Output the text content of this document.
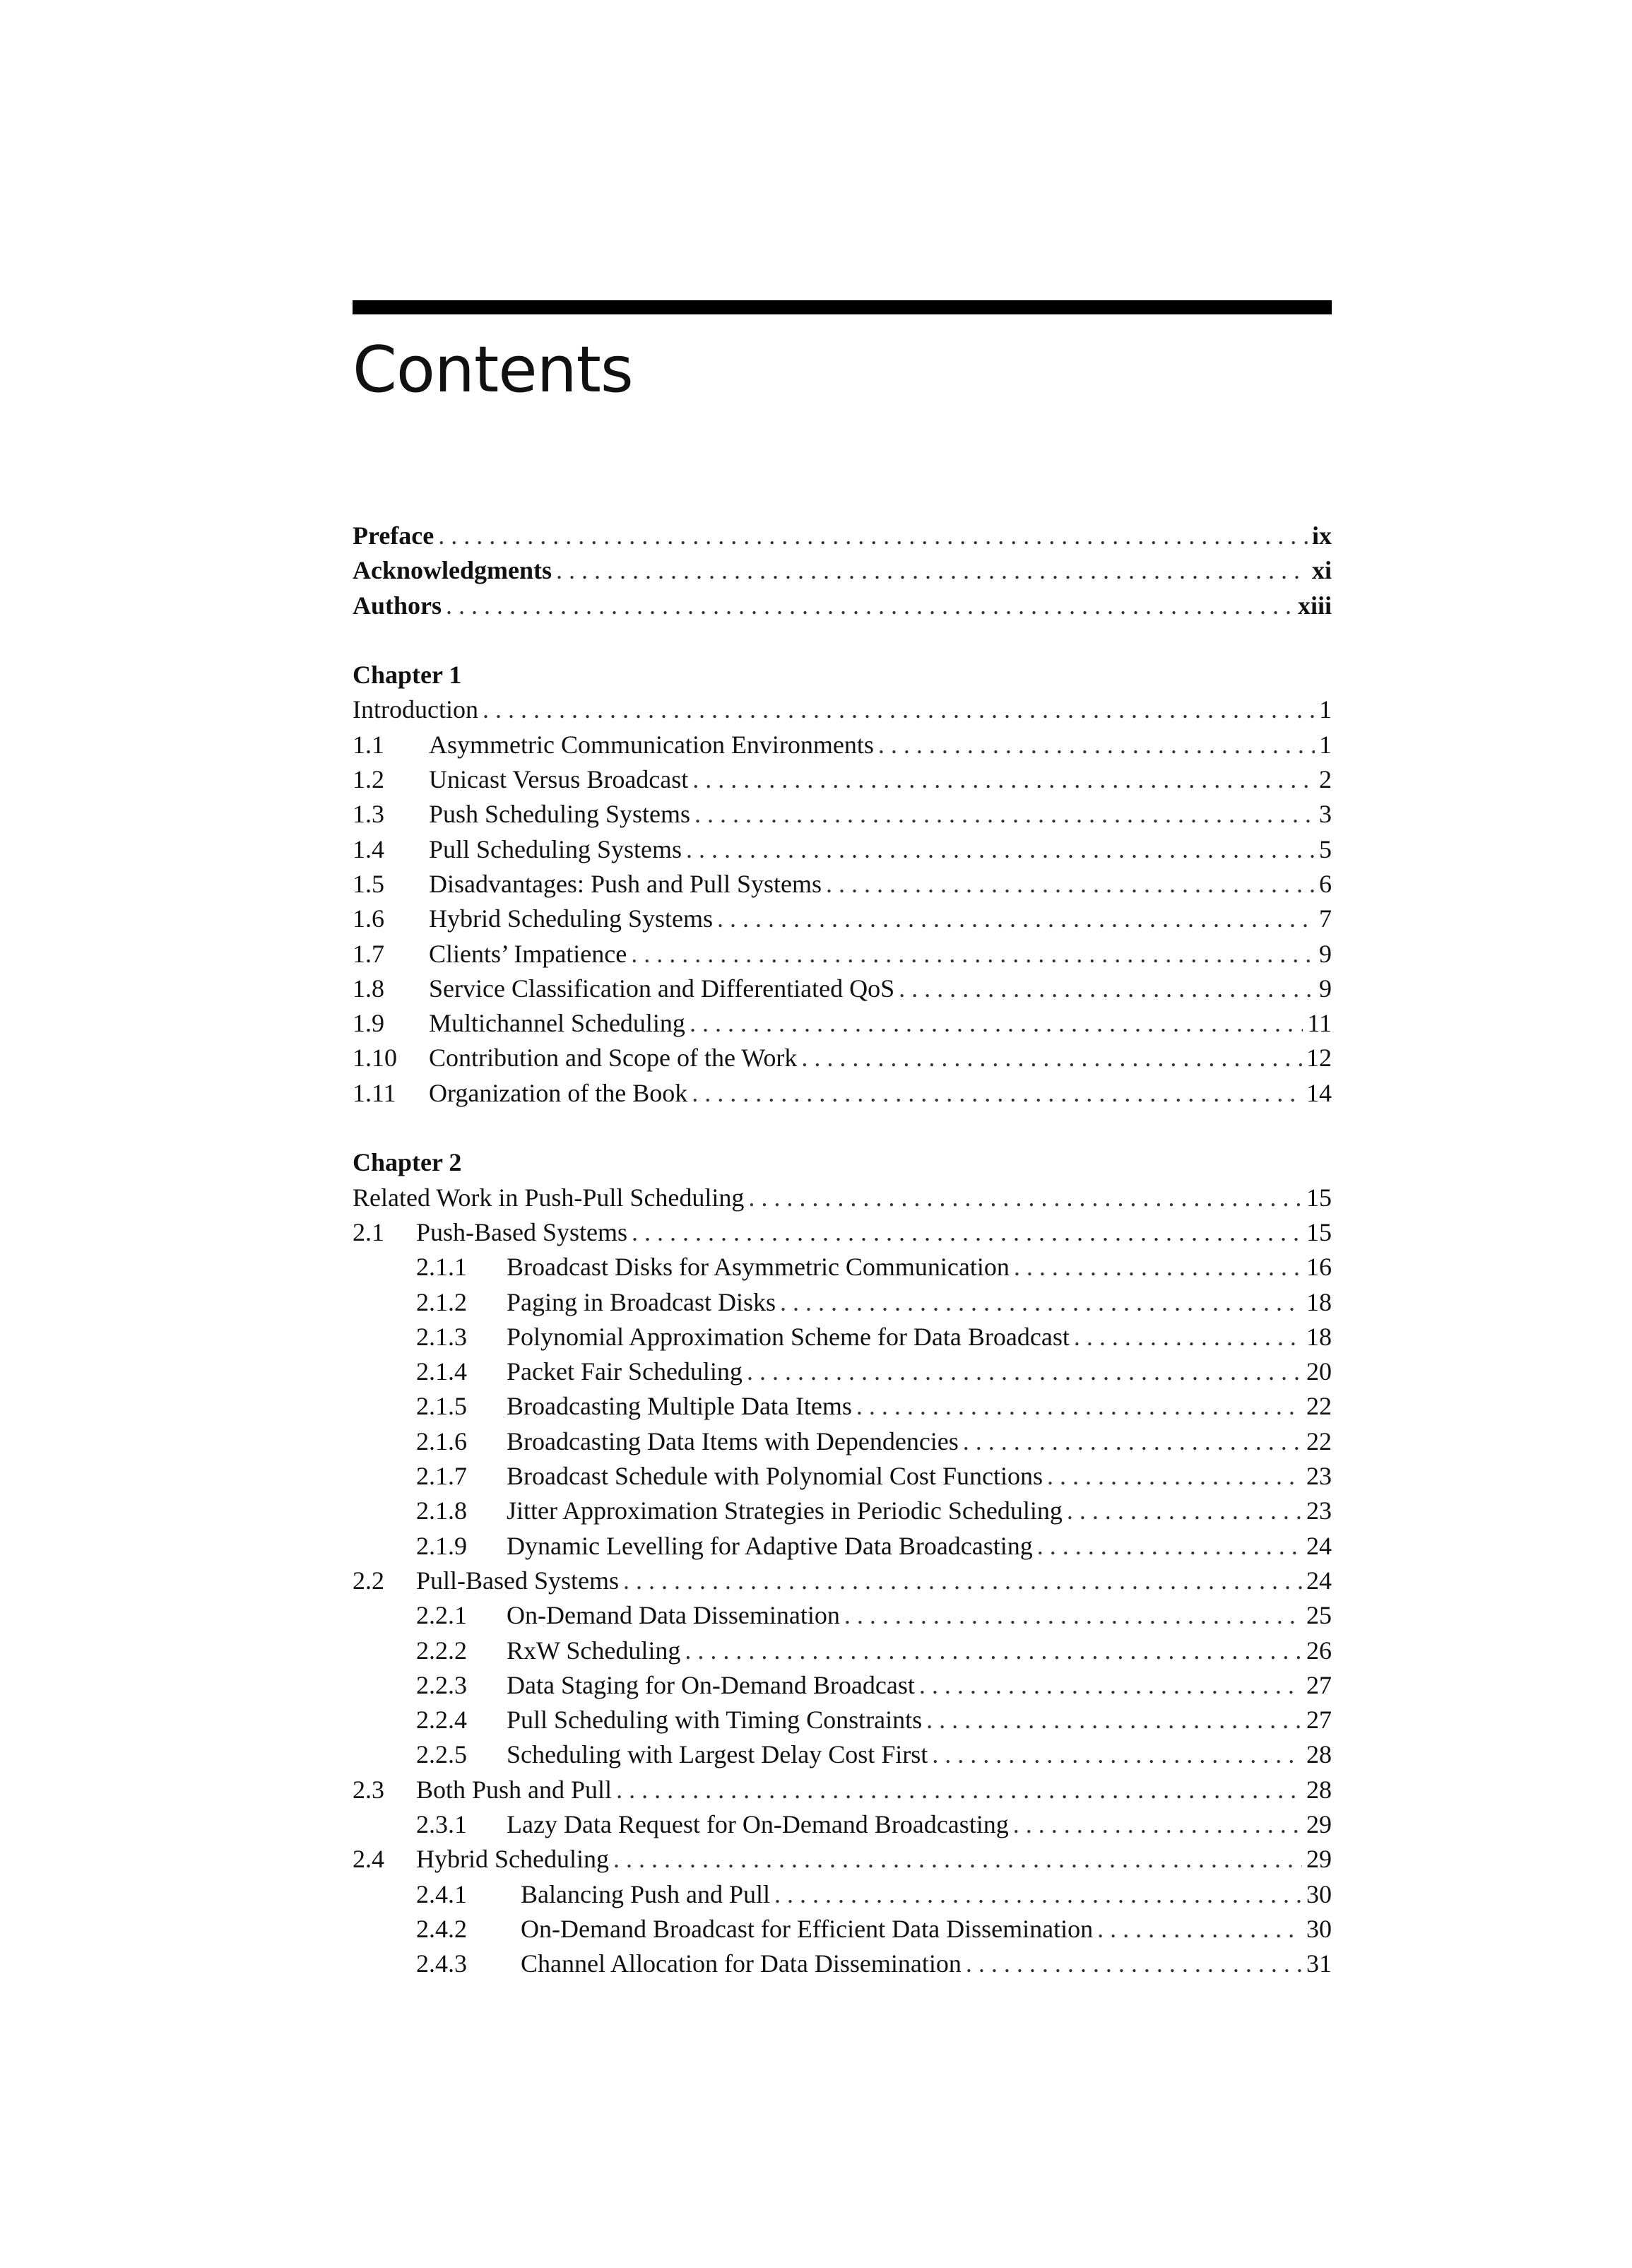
Contents
Preface . . .	ix
Acknowledgments . . .	xi
Authors . . .	xiii
Chapter 1
Introduction . . .	1
1.1	Asymmetric Communication Environments . . .	1
1.2	Unicast Versus Broadcast . . .	2
1.3	Push Scheduling Systems . . .	3
1.4	Pull Scheduling Systems . . .	5
1.5	Disadvantages: Push and Pull Systems . . .	6
1.6	Hybrid Scheduling Systems . . .	7
1.7	Clients’ Impatience . . .	9
1.8	Service Classification and Differentiated QoS . . .	9
1.9	Multichannel Scheduling . . .	11
1.10	Contribution and Scope of the Work . . .	12
1.11	Organization of the Book . . .	14
Chapter 2
Related Work in Push-Pull Scheduling . . .	15
2.1	Push-Based Systems . . .	15
2.1.1	Broadcast Disks for Asymmetric Communication . . .	16
2.1.2	Paging in Broadcast Disks . . .	18
2.1.3	Polynomial Approximation Scheme for Data Broadcast . . .	18
2.1.4	Packet Fair Scheduling . . .	20
2.1.5	Broadcasting Multiple Data Items . . .	22
2.1.6	Broadcasting Data Items with Dependencies . . .	22
2.1.7	Broadcast Schedule with Polynomial Cost Functions . . .	23
2.1.8	Jitter Approximation Strategies in Periodic Scheduling . . .	23
2.1.9	Dynamic Levelling for Adaptive Data Broadcasting . . .	24
2.2	Pull-Based Systems . . .	24
2.2.1	On-Demand Data Dissemination . . .	25
2.2.2	RxW Scheduling . . .	26
2.2.3	Data Staging for On-Demand Broadcast . . .	27
2.2.4	Pull Scheduling with Timing Constraints . . .	27
2.2.5	Scheduling with Largest Delay Cost First . . .	28
2.3	Both Push and Pull . . .	28
2.3.1	Lazy Data Request for On-Demand Broadcasting . . .	29
2.4	Hybrid Scheduling . . .	29
2.4.1	Balancing Push and Pull . . .	30
2.4.2	On-Demand Broadcast for Efficient Data Dissemination . . .	30
2.4.3	Channel Allocation for Data Dissemination . . .	31
